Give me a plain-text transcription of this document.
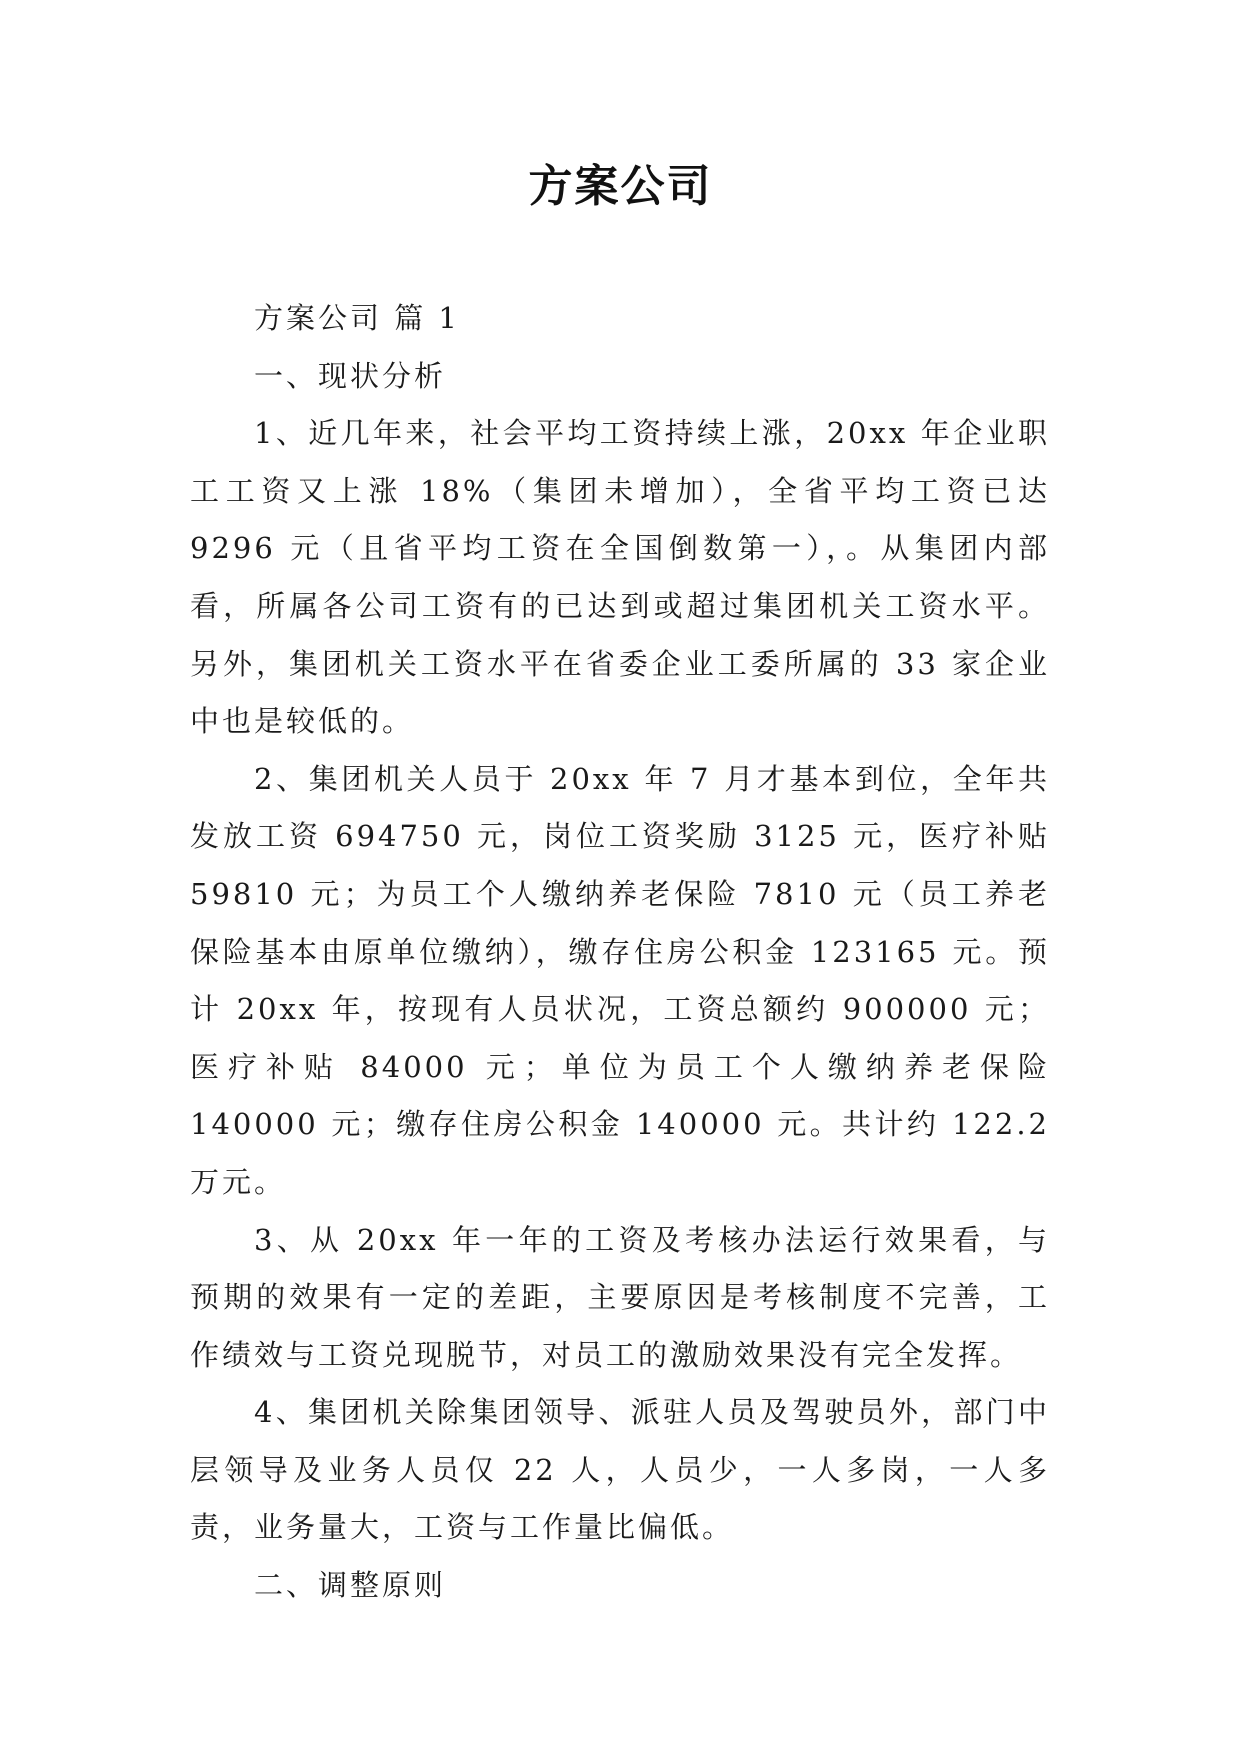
方案公司

方案公司 篇 1

一、现状分析

1、近几年来，社会平均工资持续上涨，20xx 年企业职工工资又上涨 18%（集团未增加），全省平均工资已达 9296 元（且省平均工资在全国倒数第一），。从集团内部看，所属各公司工资有的已达到或超过集团机关工资水平。另外，集团机关工资水平在省委企业工委所属的 33 家企业中也是较低的。

2、集团机关人员于 20xx 年 7 月才基本到位，全年共发放工资 694750 元，岗位工资奖励 3125 元，医疗补贴 59810 元；为员工个人缴纳养老保险 7810 元（员工养老保险基本由原单位缴纳），缴存住房公积金 123165 元。预计 20xx 年，按现有人员状况，工资总额约 900000 元；医疗补贴 84000 元；单位为员工个人缴纳养老保险 140000 元；缴存住房公积金 140000 元。共计约 122.2 万元。

3、从 20xx 年一年的工资及考核办法运行效果看，与预期的效果有一定的差距，主要原因是考核制度不完善，工作绩效与工资兑现脱节，对员工的激励效果没有完全发挥。

4、集团机关除集团领导、派驻人员及驾驶员外，部门中层领导及业务人员仅 22 人，人员少，一人多岗，一人多责，业务量大，工资与工作量比偏低。

二、调整原则
